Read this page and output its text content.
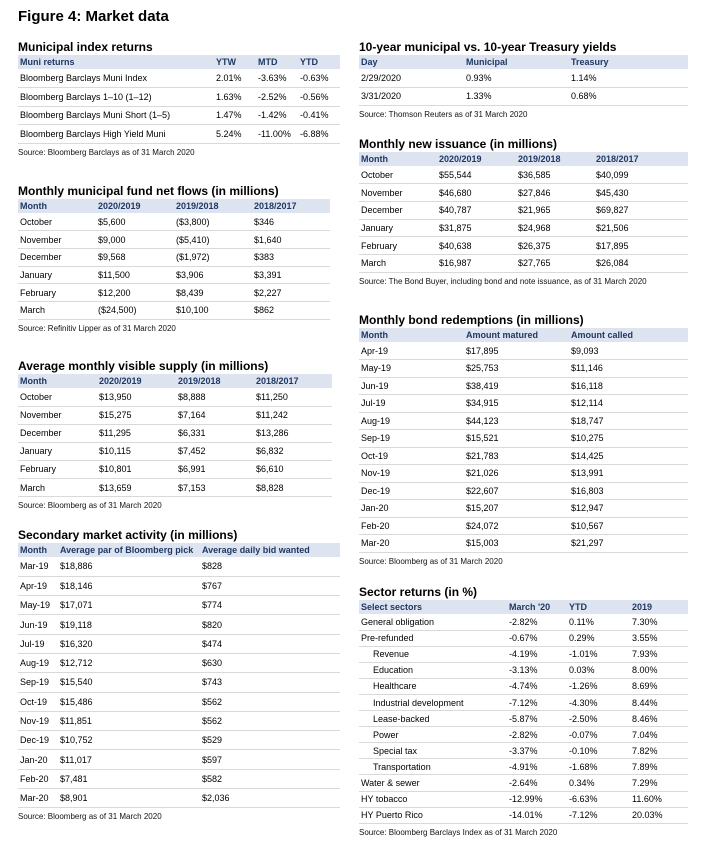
Figure 4: Market data
Municipal index returns
Muni returns	YTW	MTD	YTD
Bloomberg Barclays Muni Index	2.01%	-3.63%	-0.63%
Bloomberg Barclays 1–10 (1–12)	1.63%	-2.52%	-0.56%
Bloomberg Barclays Muni Short (1–5)	1.47%	-1.42%	-0.41%
Bloomberg Barclays High Yield Muni	5.24%	-11.00%	-6.88%
Source: Bloomberg Barclays as of 31 March 2020
Monthly municipal fund net flows (in millions)
Month	2020/2019	2019/2018	2018/2017
October	$5,600	($3,800)	$346
November	$9,000	($5,410)	$1,640
December	$9,568	($1,972)	$383
January	$11,500	$3,906	$3,391
February	$12,200	$8,439	$2,227
March	($24,500)	$10,100	$862
Source: Refinitiv Lipper as of 31 March 2020
Average monthly visible supply (in millions)
Month	2020/2019	2019/2018	2018/2017
October	$13,950	$8,888	$11,250
November	$15,275	$7,164	$11,242
December	$11,295	$6,331	$13,286
January	$10,115	$7,452	$6,832
February	$10,801	$6,991	$6,610
March	$13,659	$7,153	$8,828
Source: Bloomberg as of 31 March 2020
Secondary market activity (in millions)
Month	Average par of Bloomberg pick	Average daily bid wanted
Mar-19	$18,886	$828
Apr-19	$18,146	$767
May-19	$17,071	$774
Jun-19	$19,118	$820
Jul-19	$16,320	$474
Aug-19	$12,712	$630
Sep-19	$15,540	$743
Oct-19	$15,486	$562
Nov-19	$11,851	$562
Dec-19	$10,752	$529
Jan-20	$11,017	$597
Feb-20	$7,481	$582
Mar-20	$8,901	$2,036
Source: Bloomberg as of 31 March 2020
10-year municipal vs. 10-year Treasury yields
Day	Municipal	Treasury
2/29/2020	0.93%	1.14%
3/31/2020	1.33%	0.68%
Source: Thomson Reuters as of 31 March 2020
Monthly new issuance (in millions)
Month	2020/2019	2019/2018	2018/2017
October	$55,544	$36,585	$40,099
November	$46,680	$27,846	$45,430
December	$40,787	$21,965	$69,827
January	$31,875	$24,968	$21,506
February	$40,638	$26,375	$17,895
March	$16,987	$27,765	$26,084
Source: The Bond Buyer, including bond and note issuance, as of 31 March 2020
Monthly bond redemptions (in millions)
Month	Amount matured	Amount called
Apr-19	$17,895	$9,093
May-19	$25,753	$11,146
Jun-19	$38,419	$16,118
Jul-19	$34,915	$12,114
Aug-19	$44,123	$18,747
Sep-19	$15,521	$10,275
Oct-19	$21,783	$14,425
Nov-19	$21,026	$13,991
Dec-19	$22,607	$16,803
Jan-20	$15,207	$12,947
Feb-20	$24,072	$10,567
Mar-20	$15,003	$21,297
Source: Bloomberg as of 31 March 2020
Sector returns (in %)
Select sectors	March '20	YTD	2019
General obligation	-2.82%	0.11%	7.30%
Pre-refunded	-0.67%	0.29%	3.55%
Revenue	-4.19%	-1.01%	7.93%
Education	-3.13%	0.03%	8.00%
Healthcare	-4.74%	-1.26%	8.69%
Industrial development	-7.12%	-4.30%	8.44%
Lease-backed	-5.87%	-2.50%	8.46%
Power	-2.82%	-0.07%	7.04%
Special tax	-3.37%	-0.10%	7.82%
Transportation	-4.91%	-1.68%	7.89%
Water & sewer	-2.64%	0.34%	7.29%
HY tobacco	-12.99%	-6.63%	11.60%
HY Puerto Rico	-14.01%	-7.12%	20.03%
Source: Bloomberg Barclays Index as of 31 March 2020
